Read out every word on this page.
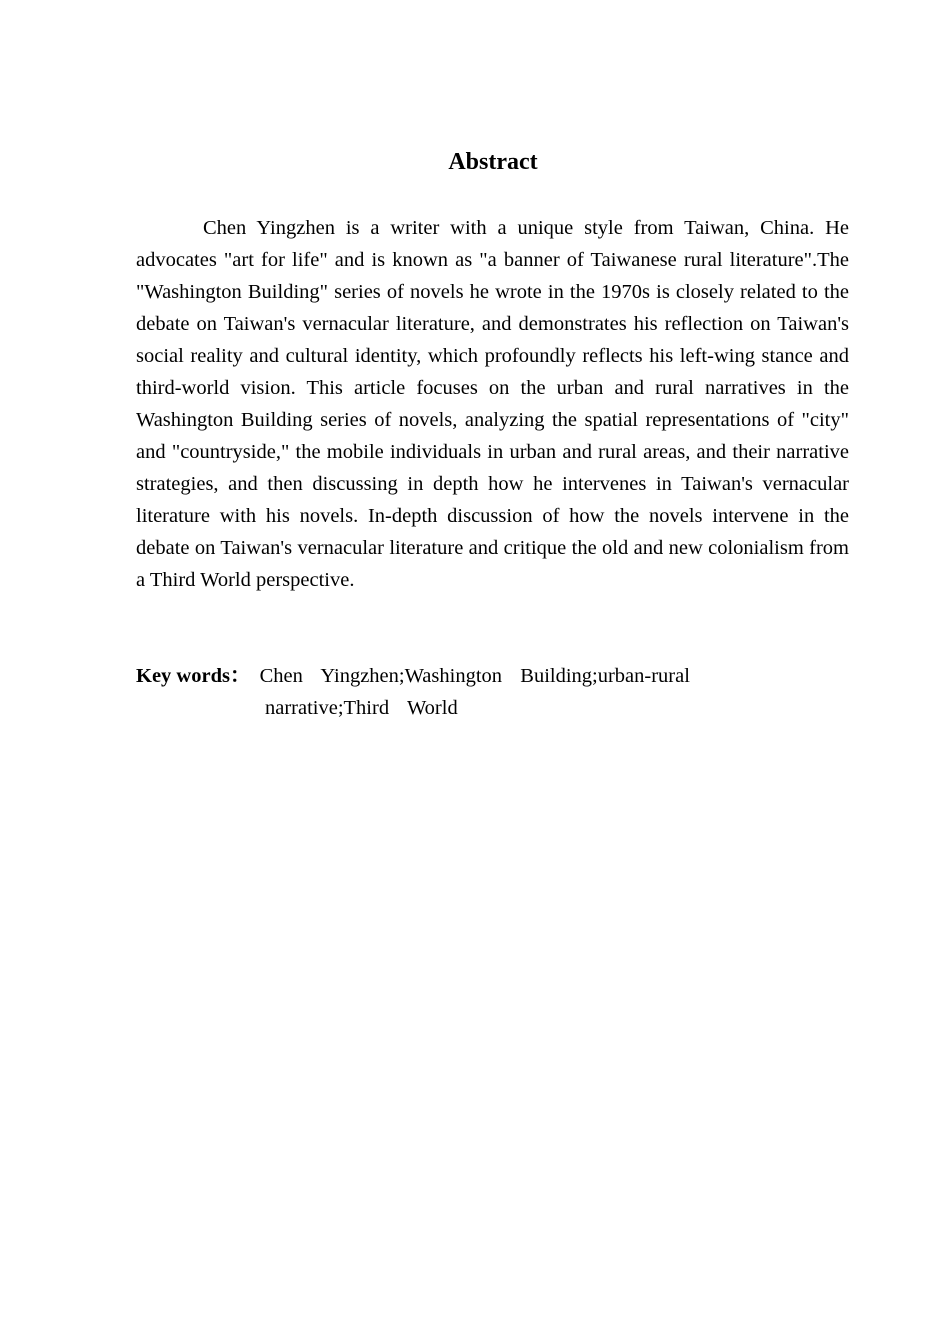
Abstract

Chen Yingzhen is a writer with a unique style from Taiwan, China. He advocates "art for life" and is known as "a banner of Taiwanese rural literature".The "Washington Building" series of novels he wrote in the 1970s is closely related to the debate on Taiwan's vernacular literature, and demonstrates his reflection on Taiwan's social reality and cultural identity, which profoundly reflects his left-wing stance and third-world vision. This article focuses on the urban and rural narratives in the Washington Building series of novels, analyzing the spatial representations of "city" and "countryside," the mobile individuals in urban and rural areas, and their narrative strategies, and then discussing in depth how he intervenes in Taiwan's vernacular literature with his novels. In-depth discussion of how the novels intervene in the debate on Taiwan's vernacular literature and critique the old and new colonialism from a Third World perspective.

Key words： Chen  Yingzhen;Washington  Building;urban-rural
narrative;Third  World
